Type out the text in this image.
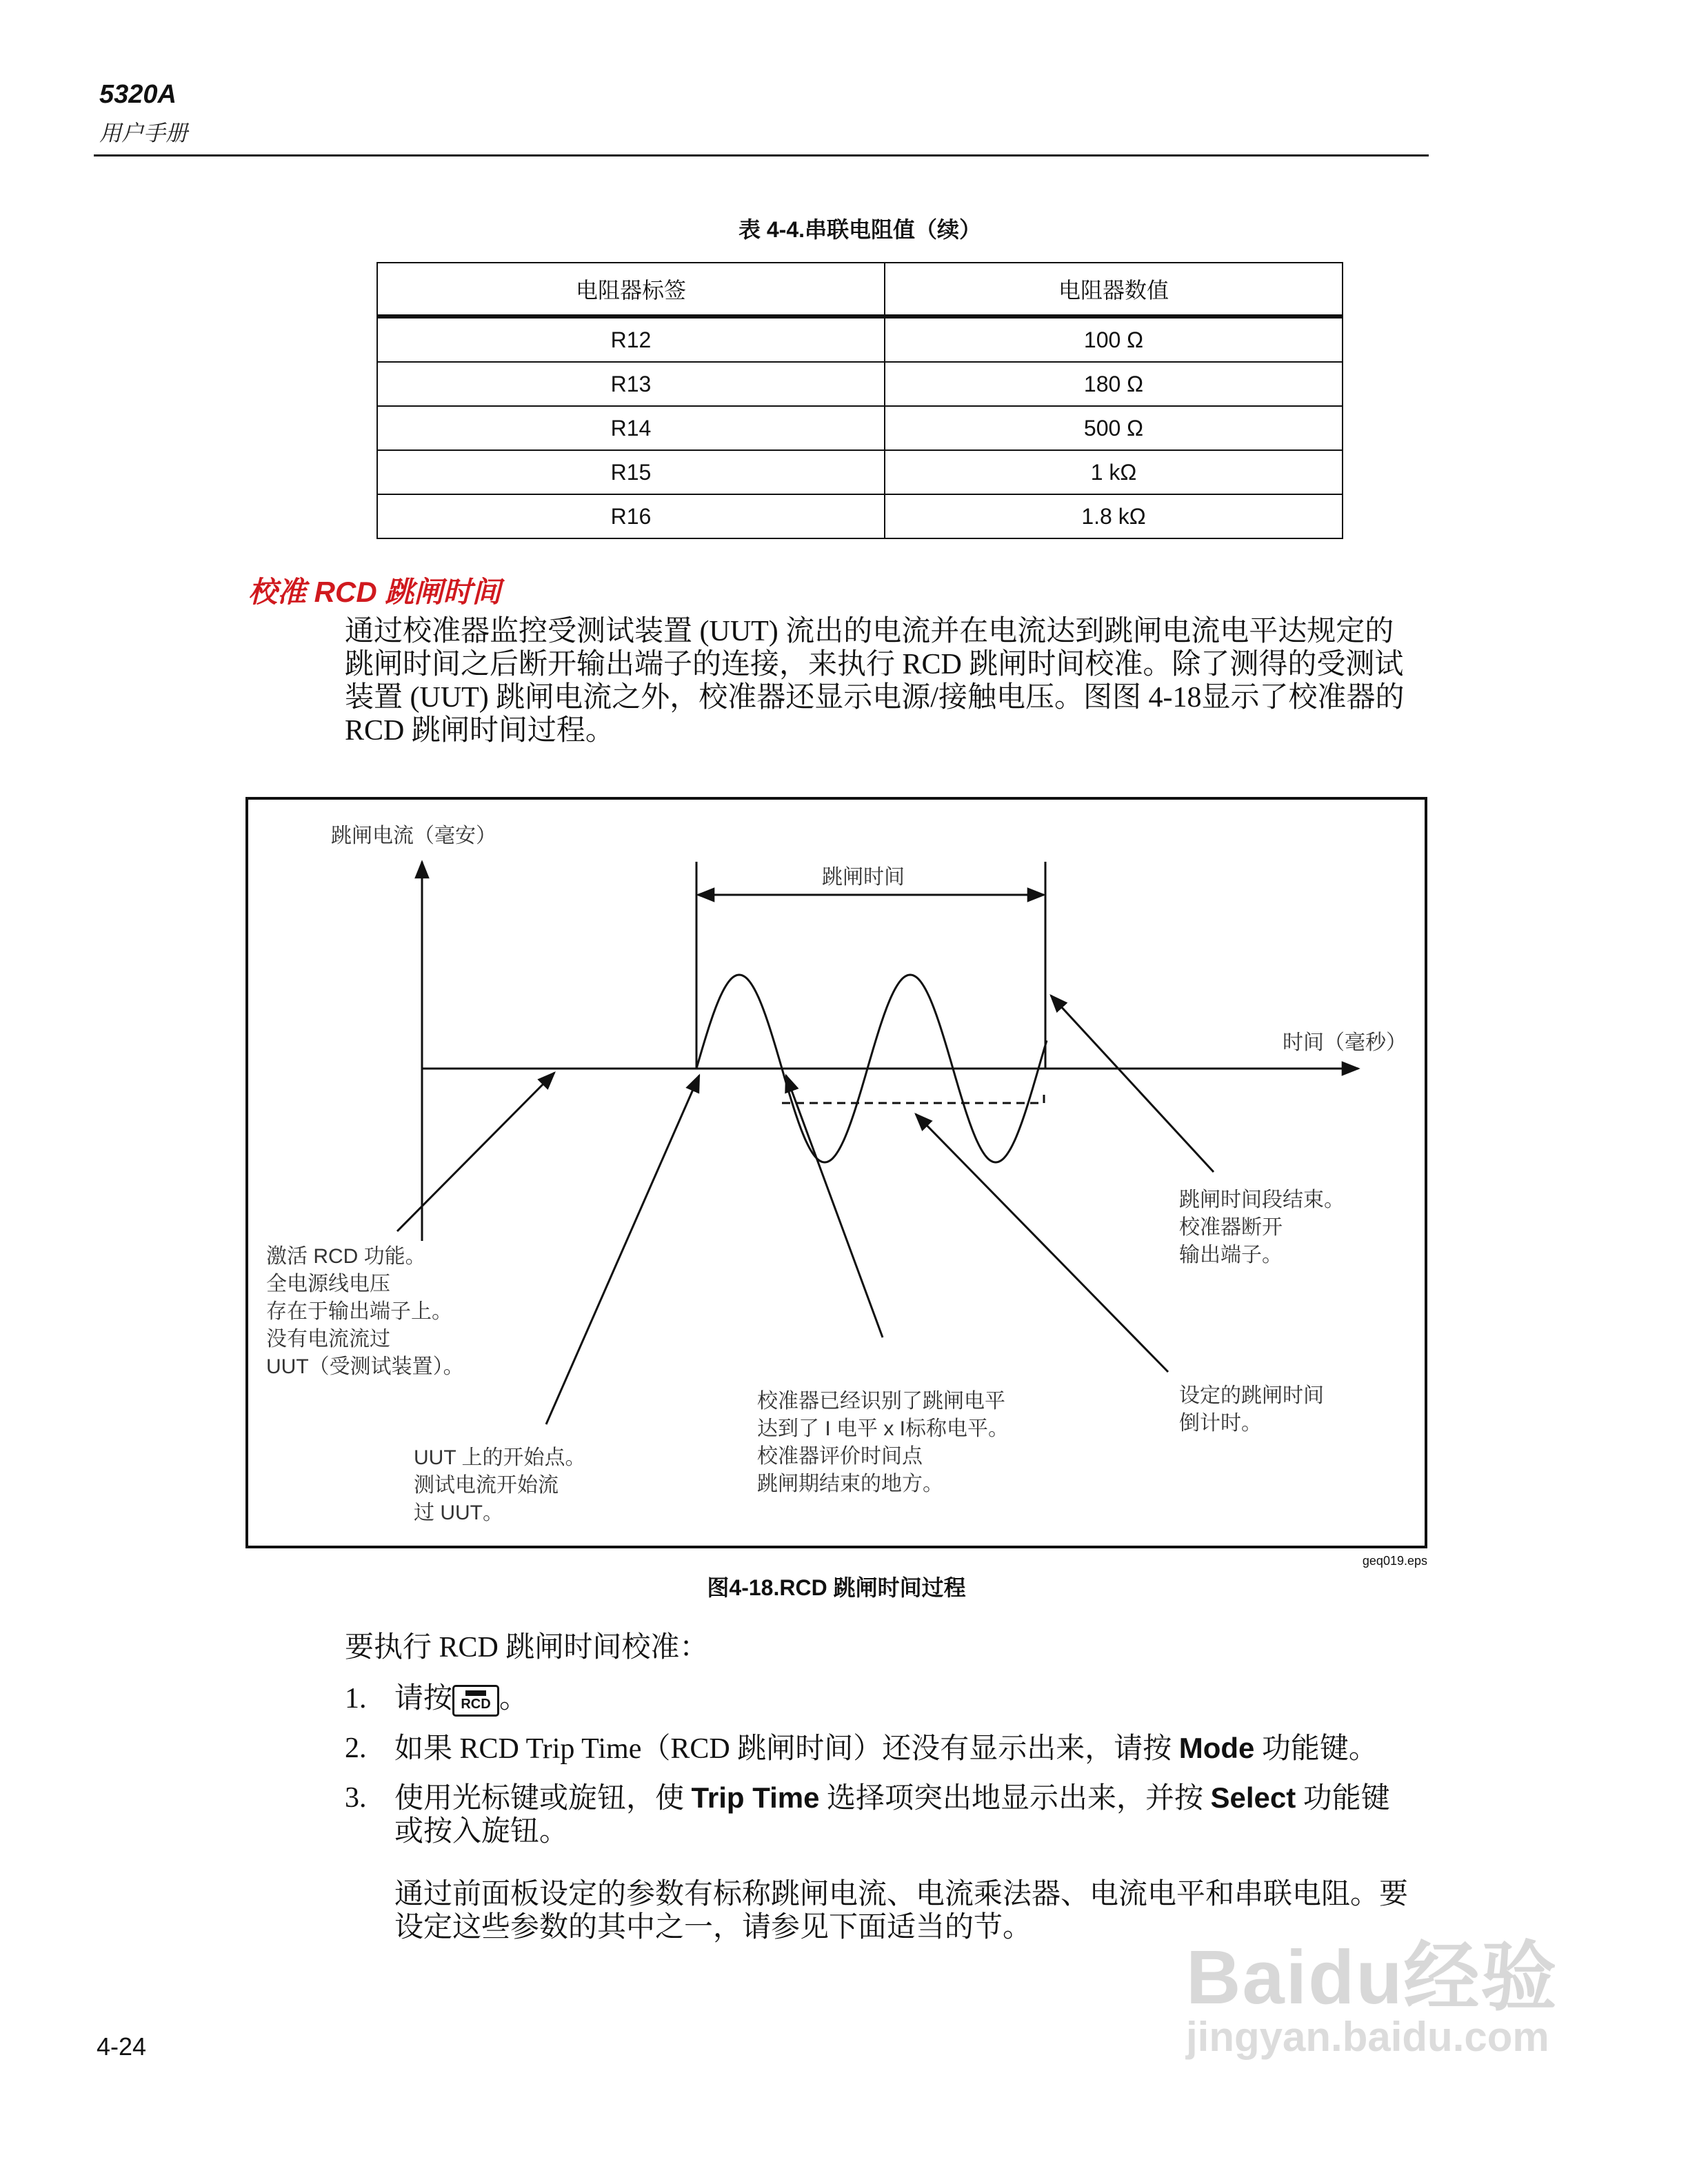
5320A
用户手册
表 4-4.串联电阻值（续）
电阻器标签	电阻器数值
R12	100 Ω
R13	180 Ω
R14	500 Ω
R15	1 kΩ
R16	1.8 kΩ
校准 RCD 跳闸时间
通过校准器监控受测试装置 (UUT) 流出的电流并在电流达到跳闸电流电平达规定的跳闸时间之后断开输出端子的连接，来执行 RCD 跳闸时间校准。除了测得的受测试装置 (UUT) 跳闸电流之外，校准器还显示电源/接触电压。图图 4-18显示了校准器的 RCD 跳闸时间过程。
跳闸电流（毫安）
时间（毫秒）
跳闸时间
激活 RCD 功能。
全电源线电压
存在于输出端子上。
没有电流流过
UUT（受测试装置）。
UUT 上的开始点。
测试电流开始流
过 UUT。
校准器已经识别了跳闸电平
达到了 I 电平 x I标称电平。
校准器评价时间点
跳闸期结束的地方。
设定的跳闸时间
倒计时。
跳闸时间段结束。
校准器断开
输出端子。
geq019.eps
图4-18.RCD 跳闸时间过程
要执行 RCD 跳闸时间校准：
1. 请按 RCD 。
2. 如果 RCD Trip Time（RCD 跳闸时间）还没有显示出来，请按 Mode 功能键。
3. 使用光标键或旋钮，使 Trip Time 选择项突出地显示出来，并按 Select 功能键或按入旋钮。
通过前面板设定的参数有标称跳闸电流、电流乘法器、电流电平和串联电阻。要设定这些参数的其中之一，请参见下面适当的节。
4-24
Baidu经验
jingyan.baidu.com
